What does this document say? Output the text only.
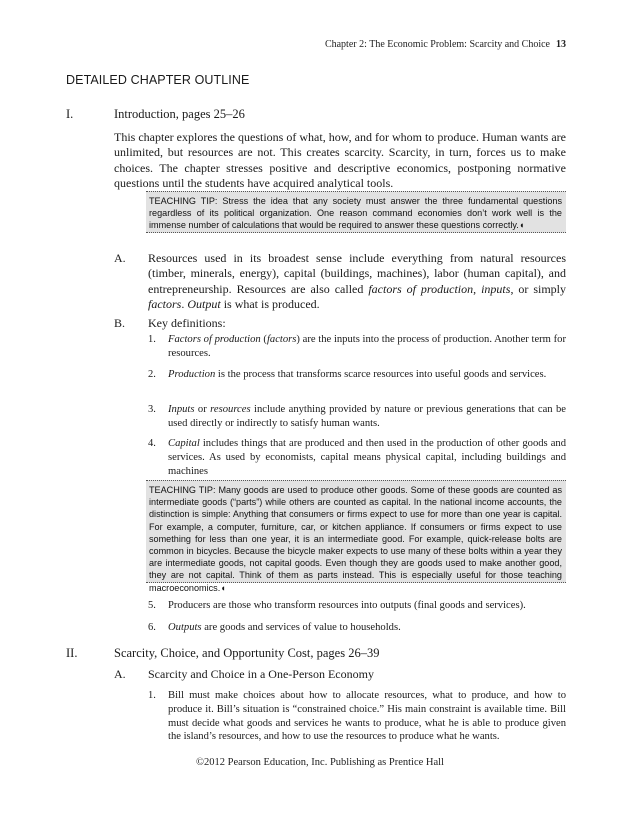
Chapter 2: The Economic Problem: Scarcity and Choice 13
DETAILED CHAPTER OUTLINE
I.	Introduction, pages 25–26
This chapter explores the questions of what, how, and for whom to produce. Human wants are unlimited, but resources are not. This creates scarcity. Scarcity, in turn, forces us to make choices. The chapter stresses positive and descriptive economics, postponing normative questions until the students have acquired analytical tools.
TEACHING TIP: Stress the idea that any society must answer the three fundamental questions regardless of its political organization. One reason command economies don’t work well is the immense number of calculations that would be required to answer these questions correctly.◖
A. Resources used in its broadest sense include everything from natural resources (timber, minerals, energy), capital (buildings, machines), labor (human capital), and entrepreneurship. Resources are also called factors of production, inputs, or simply factors. Output is what is produced.
B. Key definitions:
1. Factors of production (factors) are the inputs into the process of production. Another term for resources.
2. Production is the process that transforms scarce resources into useful goods and services.
3. Inputs or resources include anything provided by nature or previous generations that can be used directly or indirectly to satisfy human wants.
4. Capital includes things that are produced and then used in the production of other goods and services. As used by economists, capital means physical capital, including buildings and machines
TEACHING TIP: Many goods are used to produce other goods. Some of these goods are counted as intermediate goods (“parts”) while others are counted as capital. In the national income accounts, the distinction is simple: Anything that consumers or firms expect to use for more than one year is capital. For example, a computer, furniture, car, or kitchen appliance. If consumers or firms expect to use something for less than one year, it is an intermediate good. For example, quick-release bolts are common in bicycles. Because the bicycle maker expects to use many of these bolts within a year they are intermediate goods, not capital goods. Even though they are goods used to make another good, they are not capital. Think of them as parts instead. This is especially useful for those teaching macroeconomics.◖
5. Producers are those who transform resources into outputs (final goods and services).
6. Outputs are goods and services of value to households.
II.	Scarcity, Choice, and Opportunity Cost, pages 26–39
A. Scarcity and Choice in a One-Person Economy
1. Bill must make choices about how to allocate resources, what to produce, and how to produce it. Bill’s situation is “constrained choice.” His main constraint is available time. Bill must decide what goods and services he wants to produce, what he is able to produce given the island’s resources, and how to use the resources to produce what he wants.
©2012 Pearson Education, Inc. Publishing as Prentice Hall
